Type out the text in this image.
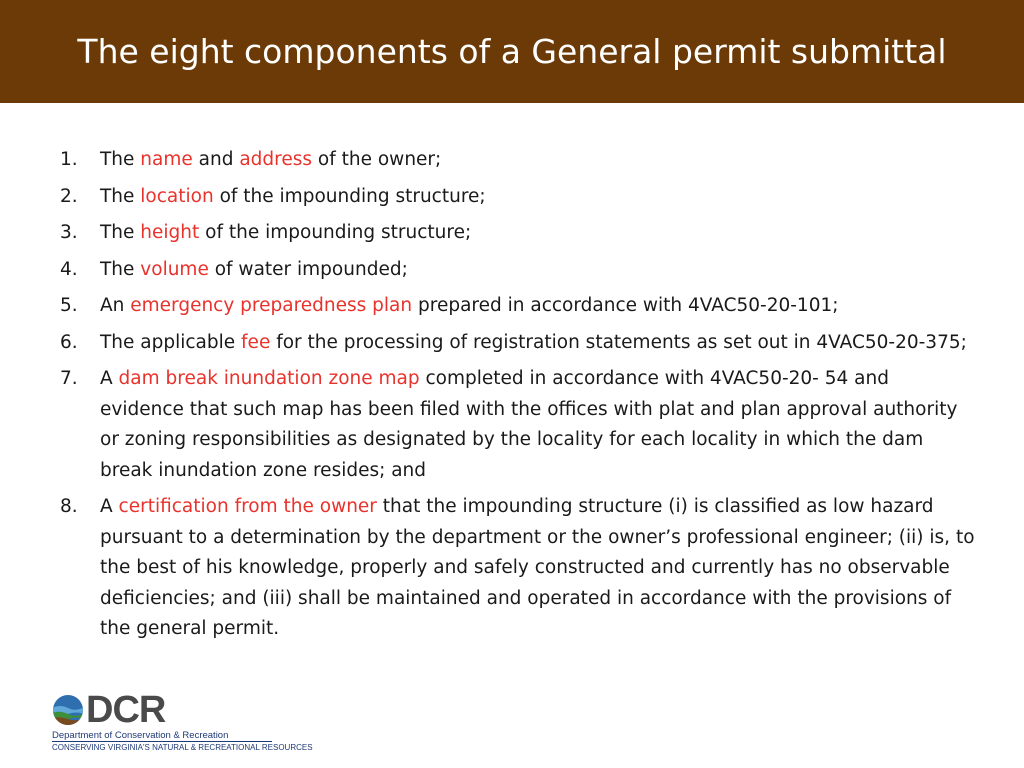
The eight components of a General permit submittal
1.	The name and address of the owner;
2.	The location of the impounding structure;
3.	The height of the impounding structure;
4.	The volume of water impounded;
5.	An emergency preparedness plan prepared in accordance with 4VAC50-20-101;
6.	The applicable fee for the processing of registration statements as set out in 4VAC50-20-375;
7.	A dam break inundation zone map completed in accordance with 4VAC50-20- 54 and evidence that such map has been filed with the offices with plat and plan approval authority or zoning responsibilities as designated by the locality for each locality in which the dam break inundation zone resides; and
8.	A certification from the owner that the impounding structure (i) is classified as low hazard pursuant to a determination by the department or the owner’s professional engineer; (ii) is, to the best of his knowledge, properly and safely constructed and currently has no observable deficiencies; and (iii) shall be maintained and operated in accordance with the provisions of the general permit.
DCR
Department of Conservation & Recreation
CONSERVING VIRGINIA'S NATURAL & RECREATIONAL RESOURCES
